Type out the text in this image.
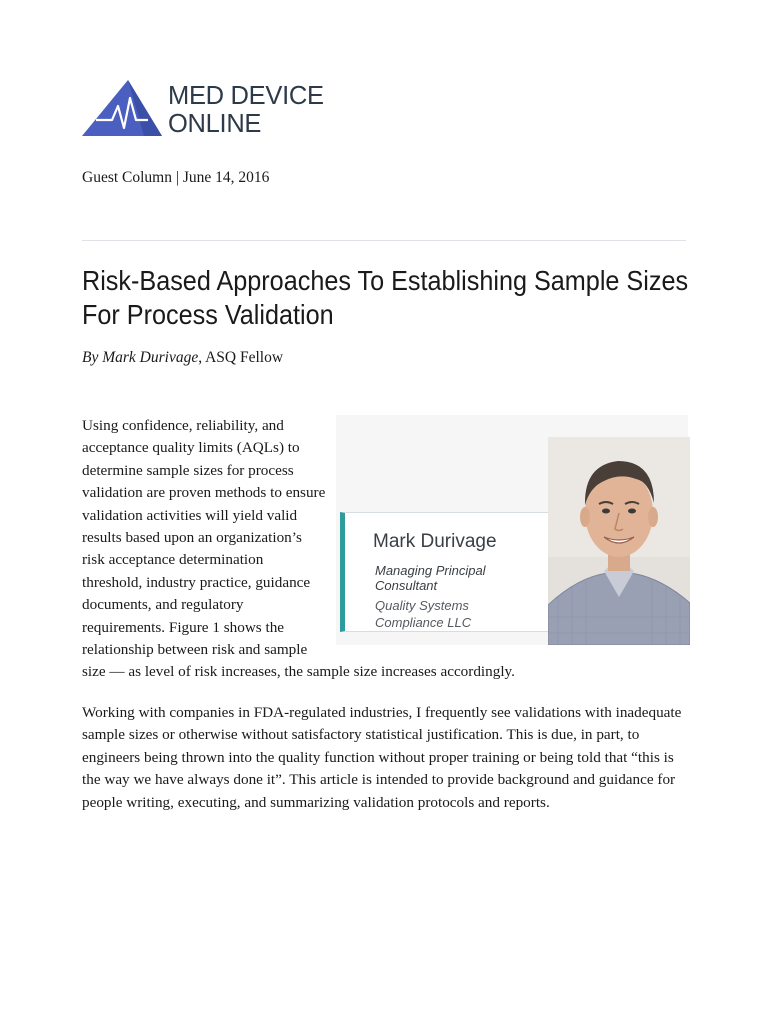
MED DEVICE
ONLINE
Guest Column | June 14, 2016
Risk-Based Approaches To Establishing Sample Sizes For Process Validation
By Mark Durivage, ASQ Fellow
Mark Durivage
Managing Principal Consultant
Quality Systems Compliance LLC

Using confidence, reliability, and acceptance quality limits (AQLs) to determine sample sizes for process validation are proven methods to ensure validation activities will yield valid results based upon an organization’s risk acceptance determination threshold, industry practice, guidance documents, and regulatory requirements. Figure 1 shows the relationship between risk and sample size — as level of risk increases, the sample size increases accordingly.

Working with companies in FDA-regulated industries, I frequently see validations with inadequate sample sizes or otherwise without satisfactory statistical justification. This is due, in part, to engineers being thrown into the quality function without proper training or being told that “this is the way we have always done it”. This article is intended to provide background and guidance for people writing, executing, and summarizing validation protocols and reports.
